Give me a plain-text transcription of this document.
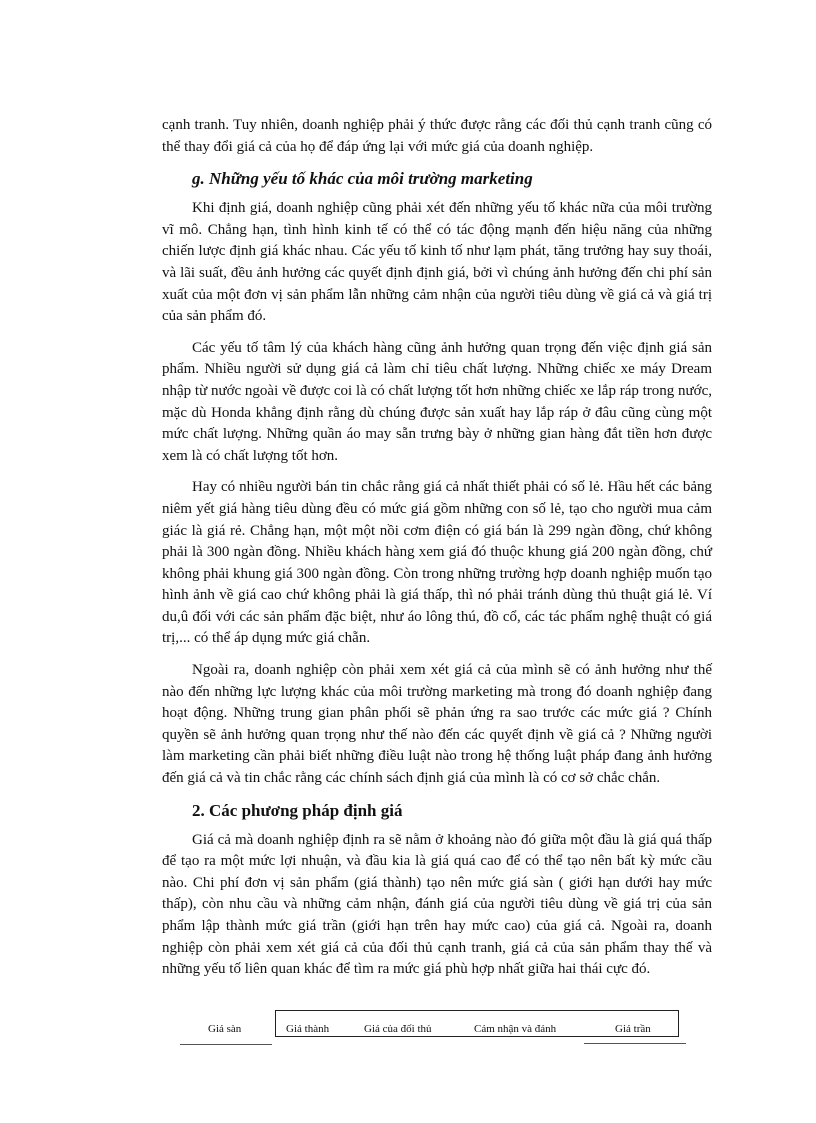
cạnh tranh. Tuy nhiên, doanh nghiệp phải ý thức được rằng các đối thủ cạnh tranh cũng có thể thay đổi giá cả của họ để đáp ứng lại với mức giá của doanh nghiệp.

g. Những yếu tố khác của môi trường marketing

Khi định giá, doanh nghiệp cũng phải xét đến những yếu tố khác nữa của môi trường vĩ mô. Chẳng hạn, tình hình kinh tế có thể có tác động mạnh đến hiệu năng của những chiến lược định giá khác nhau. Các yếu tố kinh tố như lạm phát, tăng trưởng hay suy thoái, và lãi suất, đều ảnh hưởng các quyết định định giá, bởi vì chúng ảnh hưởng đến chi phí sản xuất của một đơn vị sản phẩm lẫn những cảm nhận của người tiêu dùng về giá cả và giá trị của sản phẩm đó.

Các yếu tố tâm lý của khách hàng cũng ảnh hưởng quan trọng đến việc định giá sản phẩm. Nhiều người sử dụng giá cả làm chỉ tiêu chất lượng. Những chiếc xe máy Dream nhập từ nước ngoài về được coi là có chất lượng tốt hơn những chiếc xe lắp ráp trong nước, mặc dù Honda khẳng định rằng dù chúng được sản xuất hay lắp ráp ở đâu cũng cùng một mức chất lượng. Những quần áo may sẵn trưng bày ở những gian hàng đắt tiền hơn được xem là có chất lượng tốt hơn.

Hay có nhiều người bán tin chắc rằng giá cả nhất thiết phải có số lẻ. Hầu hết các bảng niêm yết giá hàng tiêu dùng đều có mức giá gồm những con số lẻ, tạo cho người mua cảm giác là giá rẻ. Chẳng hạn, một một nồi cơm điện có giá bán là 299 ngàn đồng, chứ không phải là 300 ngàn đồng. Nhiều khách hàng xem giá đó thuộc khung giá 200 ngàn đồng, chứ không phải khung giá 300 ngàn đồng. Còn trong những trường hợp doanh nghiệp muốn tạo hình ảnh về giá cao chứ không phải là giá thấp, thì nó phải tránh dùng thủ thuật giá lẻ. Ví du,û đối với các sản phẩm đặc biệt, như áo lông thú, đồ cổ, các tác phẩm nghệ thuật có giá trị,... có thể áp dụng mức giá chẵn.

Ngoài ra, doanh nghiệp còn phải xem xét giá cả của mình sẽ có ảnh hưởng như thế nào đến những lực lượng khác của môi trường marketing mà trong đó doanh nghiệp đang hoạt động. Những trung gian phân phối sẽ phản ứng ra sao trước các mức giá ? Chính quyền sẽ ảnh hưởng quan trọng như thế nào đến các quyết định về giá cả ? Những người làm marketing cần phải biết những điều luật nào trong hệ thống luật pháp đang ảnh hưởng đến giá cả và tin chắc rằng các chính sách định giá của mình là có cơ sở chắc chắn.

2. Các phương pháp định giá

Giá cả mà doanh nghiệp định ra sẽ nằm ở khoảng nào đó giữa một đầu là giá quá thấp để tạo ra một mức lợi nhuận, và đầu kia là giá quá cao để có thể tạo nên bất kỳ mức cầu nào. Chi phí đơn vị sản phẩm (giá thành) tạo nên mức giá sàn ( giới hạn dưới hay mức thấp), còn nhu cầu và những cảm nhận, đánh giá của người tiêu dùng về giá trị của sản phẩm lập thành mức giá trần (giới hạn trên hay mức cao) của giá cả. Ngoài ra, doanh nghiệp còn phải xem xét giá cả của đối thủ cạnh tranh, giá cả của sản phẩm thay thế và những yếu tố liên quan khác để tìm ra mức giá phù hợp nhất giữa hai thái cực đó.

Giá sàn	Giá thành	Giá của đối thủ	Cảm nhận và đánh	Giá trần
